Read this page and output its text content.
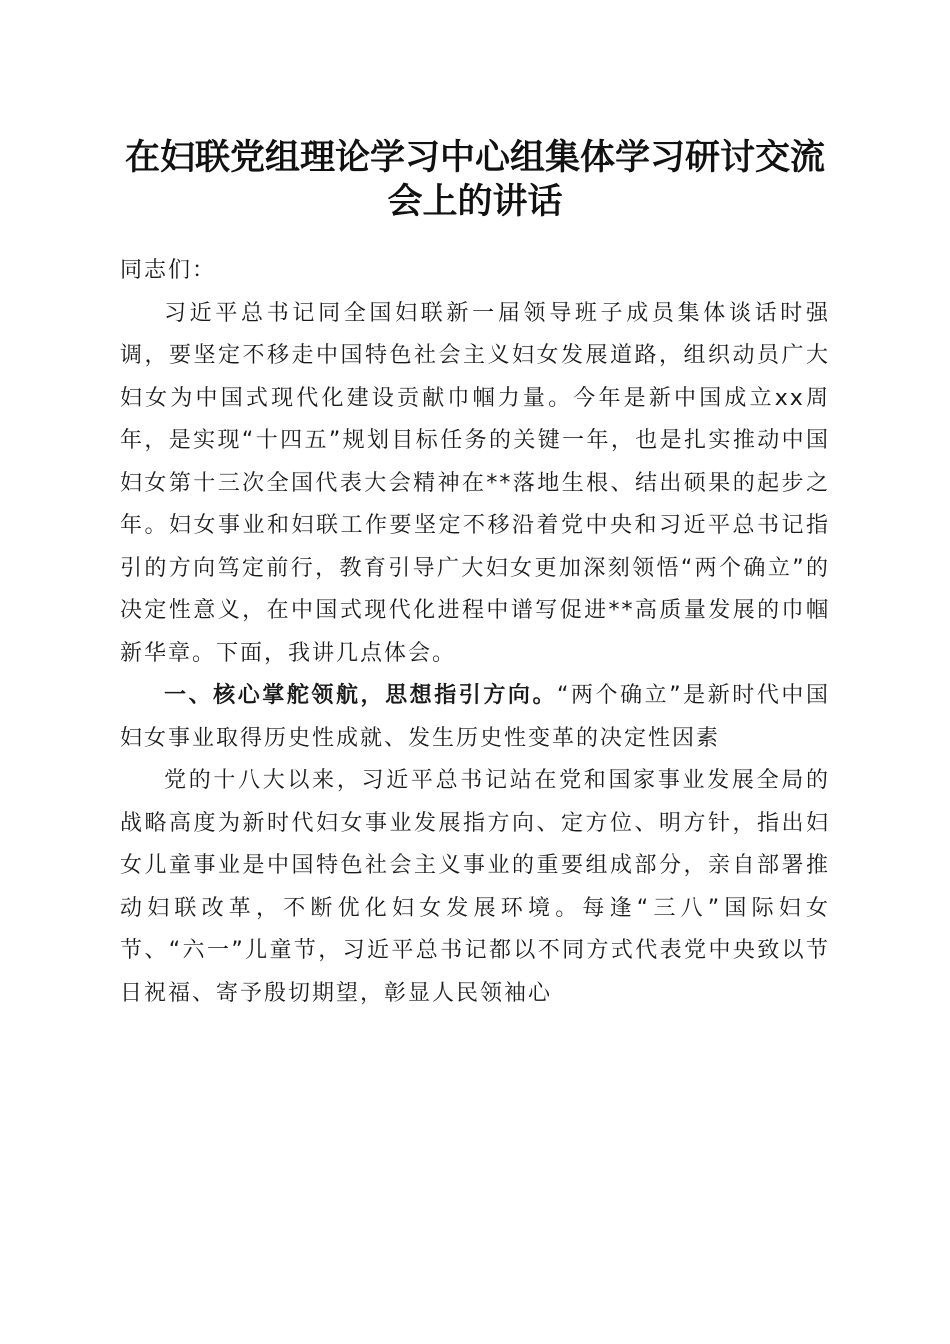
在妇联党组理论学习中心组集体学习研讨交流
会上的讲话

同志们：

习近平总书记同全国妇联新一届领导班子成员集体谈话时强调，要坚定不移走中国特色社会主义妇女发展道路，组织动员广大妇女为中国式现代化建设贡献巾帼力量。今年是新中国成立xx周年，是实现“十四五”规划目标任务的关键一年，也是扎实推动中国妇女第十三次全国代表大会精神在**落地生根、结出硕果的起步之年。妇女事业和妇联工作要坚定不移沿着党中央和习近平总书记指引的方向笃定前行，教育引导广大妇女更加深刻领悟“两个确立”的决定性意义，在中国式现代化进程中谱写促进**高质量发展的巾帼新华章。下面，我讲几点体会。

一、核心掌舵领航，思想指引方向。“两个确立”是新时代中国妇女事业取得历史性成就、发生历史性变革的决定性因素

党的十八大以来，习近平总书记站在党和国家事业发展全局的战略高度为新时代妇女事业发展指方向、定方位、明方针，指出妇女儿童事业是中国特色社会主义事业的重要组成部分，亲自部署推动妇联改革，不断优化妇女发展环境。每逢“三八”国际妇女节、“六一”儿童节，习近平总书记都以不同方式代表党中央致以节日祝福、寄予殷切期望，彰显人民领袖心
